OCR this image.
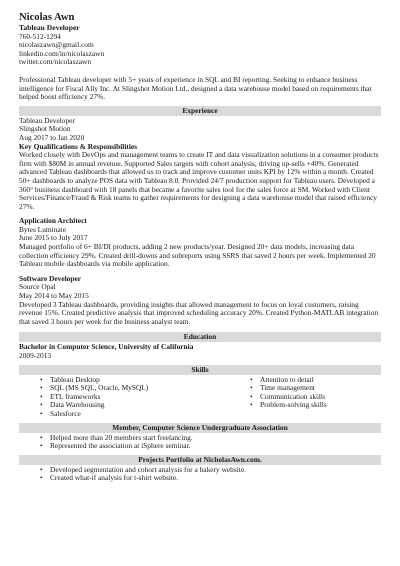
Nicolas Awn
Tableau Developer
760-512-1294
nicolaszawn@gmail.com
linkedin.com/in/nicolaszawn
twitter.com/nicolaszawn
Professional Tableau developer with 5+ years of experience in SQL and BI reporting. Seeking to enhance business intelligence for Fiscal Ally Inc. At Slingshot Motion Ltd., designed a data warehouse model based on requirements that helped boost efficiency 27%.
Experience
Tableau Developer
Slingshot Motion
Aug 2017 to Jan 2020
Key Qualifications & Responsibilities
Worked closely with DevOps and management teams to create IT and data visualization solutions in a consumer products firm with $80M in annual revenue. Supported Sales targets with cohort analysis, driving up-sells +40%. Generated advanced Tableau dashboards that allowed us to track and improve customer units KPI by 12% within a month. Created 50+ dashboards to analyze POS data with Tableau 8.0. Provided 24/7 production support for Tableau users. Developed a 360° business dashboard with 18 panels that became a favorite sales tool for the sales force at SM. Worked with Client Services/Finance/Fraud & Risk teams to gather requirements for designing a data warehouse model that raised efficiency 27%.
Application Architect
Bytes Luminate
June 2015 to July 2017
Managed portfolio of 6+ BI/DI products, adding 2 new products/year. Designed 20+ data models, increasing data collection efficiency 29%. Created drill-downs and subreports using SSRS that saved 2 hours per week. Implemented 20 Tableau mobile dashboards via mobile application.
Software Developer
Source Opal
May 2014 to May 2015
Developed 3 Tableau dashboards, providing insights that allowed management to focus on loyal customers, raising revenue 15%. Created predictive analysis that improved scheduling accuracy 20%. Created Python-MATLAB integration that saved 3 hours per week for the business analyst team.
Education
Bachelor in Computer Science, University of California
2009-2013
Skills
• Tableau Desktop
• SQL (MS SQL, Oracle, MySQL)
• ETL frameworks
• Data Warehousing
• Salesforce
• Attention to detail
• Time management
• Communication skills
• Problem-solving skills
Member, Computer Science Undergraduate Association
• Helped more than 20 members start freelancing.
• Represented the association at iSphere seminar.
Projects Portfolio at NicholasAwn.com.
• Developed segmentation and cohort analysis for a bakery website.
• Created what-if analysis for t-shirt website.
